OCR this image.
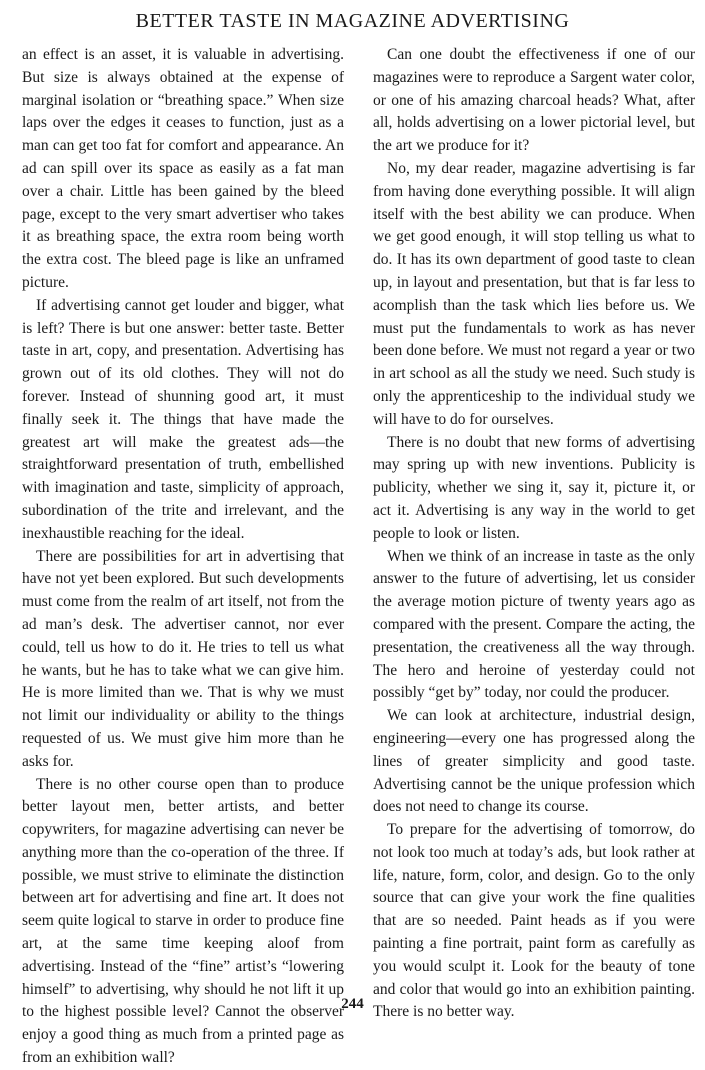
BETTER TASTE IN MAGAZINE ADVERTISING

an effect is an asset, it is valuable in advertising. But size is always obtained at the expense of marginal isolation or “breathing space.” When size laps over the edges it ceases to function, just as a man can get too fat for comfort and appearance. An ad can spill over its space as easily as a fat man over a chair. Little has been gained by the bleed page, except to the very smart advertiser who takes it as breathing space, the extra room being worth the extra cost. The bleed page is like an unframed picture.

If advertising cannot get louder and bigger, what is left? There is but one answer: better taste. Better taste in art, copy, and presentation. Advertising has grown out of its old clothes. They will not do forever. Instead of shunning good art, it must finally seek it. The things that have made the greatest art will make the greatest ads—the straightforward presentation of truth, embellished with imagination and taste, simplicity of approach, subordination of the trite and irrelevant, and the inexhaustible reaching for the ideal.

There are possibilities for art in advertising that have not yet been explored. But such developments must come from the realm of art itself, not from the ad man’s desk. The advertiser cannot, nor ever could, tell us how to do it. He tries to tell us what he wants, but he has to take what we can give him. He is more limited than we. That is why we must not limit our individuality or ability to the things requested of us. We must give him more than he asks for.

There is no other course open than to produce better layout men, better artists, and better copywriters, for magazine advertising can never be anything more than the co-operation of the three. If possible, we must strive to eliminate the distinction between art for advertising and fine art. It does not seem quite logical to starve in order to produce fine art, at the same time keeping aloof from advertising. Instead of the “fine” artist’s “lowering himself” to advertising, why should he not lift it up to the highest possible level? Cannot the observer enjoy a good thing as much from a printed page as from an exhibition wall?

Can one doubt the effectiveness if one of our magazines were to reproduce a Sargent water color, or one of his amazing charcoal heads? What, after all, holds advertising on a lower pictorial level, but the art we produce for it?

No, my dear reader, magazine advertising is far from having done everything possible. It will align itself with the best ability we can produce. When we get good enough, it will stop telling us what to do. It has its own department of good taste to clean up, in layout and presentation, but that is far less to acomplish than the task which lies before us. We must put the fundamentals to work as has never been done before. We must not regard a year or two in art school as all the study we need. Such study is only the apprenticeship to the individual study we will have to do for ourselves.

There is no doubt that new forms of advertising may spring up with new inventions. Publicity is publicity, whether we sing it, say it, picture it, or act it. Advertising is any way in the world to get people to look or listen.

When we think of an increase in taste as the only answer to the future of advertising, let us consider the average motion picture of twenty years ago as compared with the present. Compare the acting, the presentation, the creativeness all the way through. The hero and heroine of yesterday could not possibly “get by” today, nor could the producer.

We can look at architecture, industrial design, engineering—every one has progressed along the lines of greater simplicity and good taste. Advertising cannot be the unique profession which does not need to change its course.

To prepare for the advertising of tomorrow, do not look too much at today’s ads, but look rather at life, nature, form, color, and design. Go to the only source that can give your work the fine qualities that are so needed. Paint heads as if you were painting a fine portrait, paint form as carefully as you would sculpt it. Look for the beauty of tone and color that would go into an exhibition painting. There is no better way.

244
